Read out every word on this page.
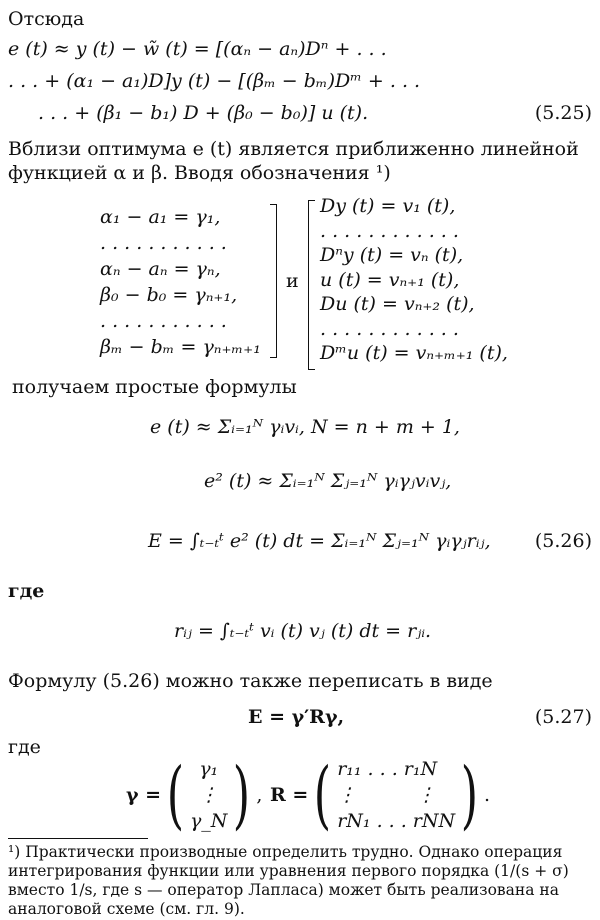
Отсюда
e (t) ≈ y (t) − w̃ (t) = [(αₙ − aₙ)Dⁿ + . . .
. . . + (α₁ − a₁)D]y (t) − [(βₘ − bₘ)Dᵐ + . . .
. . . + (β₁ − b₁) D + (β₀ − b₀)] u (t).	(5.25)
Вблизи оптимума e (t) является приближенно линейной
функцией α и β. Вводя обозначения ¹)
α₁ − a₁ = γ₁,
. . . . . . . . . . .
αₙ − aₙ = γₙ,
β₀ − b₀ = γₙ₊₁,
. . . . . . . . . . .
βₘ − bₘ = γₙ₊ₘ₊₁
и
Dy (t) = v₁ (t),
. . . . . . . . . . . .
Dⁿy (t) = vₙ (t),
u (t) = vₙ₊₁ (t),
Du (t) = vₙ₊₂ (t),
. . . . . . . . . . . .
Dᵐu (t) = vₙ₊ₘ₊₁ (t),
получаем простые формулы
e (t) ≈ Σᵢ₌₁ᴺ γᵢvᵢ, N = n + m + 1,
e² (t) ≈ Σᵢ₌₁ᴺ Σⱼ₌₁ᴺ γᵢγⱼvᵢvⱼ,
E = ∫ₜ₋ₜᵗ e² (t) dt = Σᵢ₌₁ᴺ Σⱼ₌₁ᴺ γᵢγⱼrᵢⱼ, (5.26)
где
rᵢⱼ = ∫ₜ₋ₜᵗ vᵢ (t) vⱼ (t) dt = rⱼᵢ.
Формулу (5.26) можно также переписать в виде
E = γ′Rγ,	(5.27)
где
γ = ( γ₁
⋮
γ_N ) , R = ( r₁₁ . . . r₁N
⋮          ⋮
rN₁ . . . rNN ) .
¹) Практически производные определить трудно. Однако операция интегрирования функции или уравнения первого порядка (1/(s + σ) вместо 1/s, где s — оператор Лапласа) может быть реализована на аналоговой схеме (см. гл. 9).
